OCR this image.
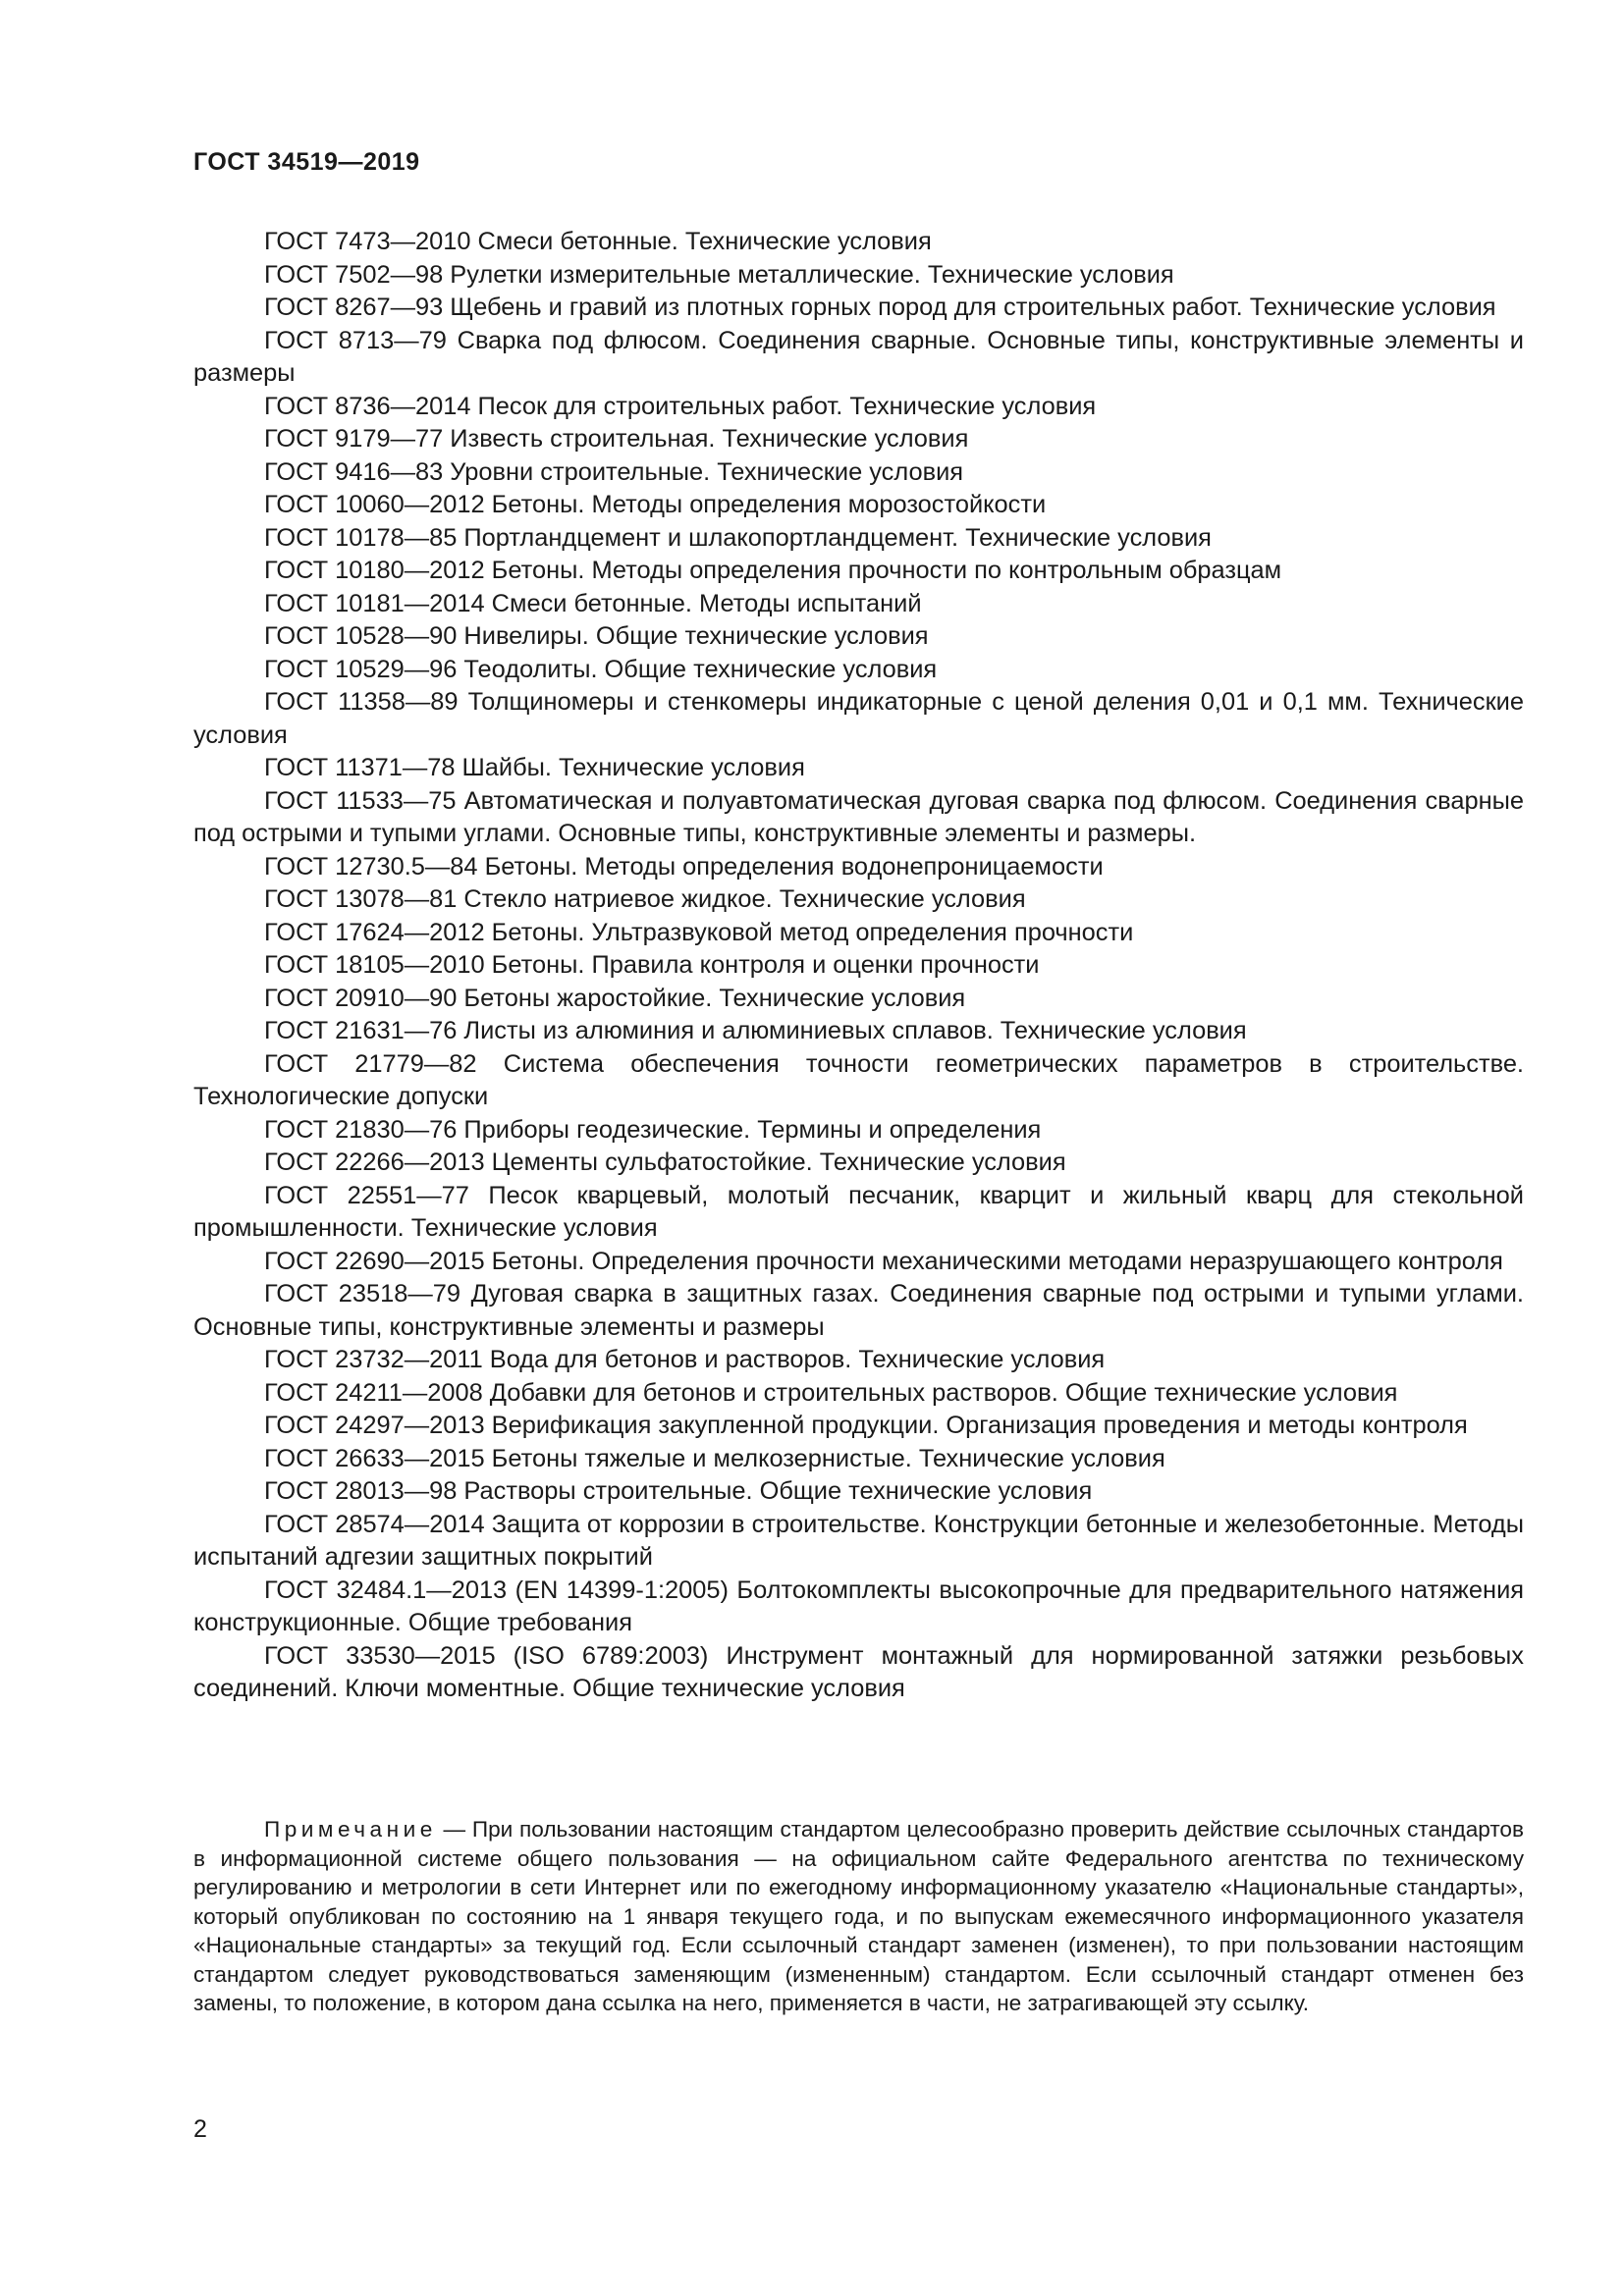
ГОСТ 34519—2019

ГОСТ 7473—2010 Смеси бетонные. Технические условия
ГОСТ 7502—98 Рулетки измерительные металлические. Технические условия
ГОСТ 8267—93 Щебень и гравий из плотных горных пород для строительных работ. Технические условия
ГОСТ 8713—79 Сварка под флюсом. Соединения сварные. Основные типы, конструктивные элементы и размеры
ГОСТ 8736—2014 Песок для строительных работ. Технические условия
ГОСТ 9179—77 Известь строительная. Технические условия
ГОСТ 9416—83 Уровни строительные. Технические условия
ГОСТ 10060—2012 Бетоны. Методы определения морозостойкости
ГОСТ 10178—85 Портландцемент и шлакопортландцемент. Технические условия
ГОСТ 10180—2012 Бетоны. Методы определения прочности по контрольным образцам
ГОСТ 10181—2014 Смеси бетонные. Методы испытаний
ГОСТ 10528—90 Нивелиры. Общие технические условия
ГОСТ 10529—96 Теодолиты. Общие технические условия
ГОСТ 11358—89 Толщиномеры и стенкомеры индикаторные с ценой деления 0,01 и 0,1 мм. Технические условия
ГОСТ 11371—78 Шайбы. Технические условия
ГОСТ 11533—75 Автоматическая и полуавтоматическая дуговая сварка под флюсом. Соединения сварные под острыми и тупыми углами. Основные типы, конструктивные элементы и размеры.
ГОСТ 12730.5—84 Бетоны. Методы определения водонепроницаемости
ГОСТ 13078—81 Стекло натриевое жидкое. Технические условия
ГОСТ 17624—2012 Бетоны. Ультразвуковой метод определения прочности
ГОСТ 18105—2010 Бетоны. Правила контроля и оценки прочности
ГОСТ 20910—90 Бетоны жаростойкие. Технические условия
ГОСТ 21631—76 Листы из алюминия и алюминиевых сплавов. Технические условия
ГОСТ 21779—82 Система обеспечения точности геометрических параметров в строительстве. Технологические допуски
ГОСТ 21830—76 Приборы геодезические. Термины и определения
ГОСТ 22266—2013 Цементы сульфатостойкие. Технические условия
ГОСТ 22551—77 Песок кварцевый, молотый песчаник, кварцит и жильный кварц для стекольной промышленности. Технические условия
ГОСТ 22690—2015 Бетоны. Определения прочности механическими методами неразрушающего контроля
ГОСТ 23518—79 Дуговая сварка в защитных газах. Соединения сварные под острыми и тупыми углами. Основные типы, конструктивные элементы и размеры
ГОСТ 23732—2011 Вода для бетонов и растворов. Технические условия
ГОСТ 24211—2008 Добавки для бетонов и строительных растворов. Общие технические условия
ГОСТ 24297—2013 Верификация закупленной продукции. Организация проведения и методы контроля
ГОСТ 26633—2015 Бетоны тяжелые и мелкозернистые. Технические условия
ГОСТ 28013—98 Растворы строительные. Общие технические условия
ГОСТ 28574—2014 Защита от коррозии в строительстве. Конструкции бетонные и железобетонные. Методы испытаний адгезии защитных покрытий
ГОСТ 32484.1—2013 (EN 14399-1:2005) Болтокомплекты высокопрочные для предварительного натяжения конструкционные. Общие требования
ГОСТ 33530—2015 (ISO 6789:2003) Инструмент монтажный для нормированной затяжки резьбовых соединений. Ключи моментные. Общие технические условия

Примечание — При пользовании настоящим стандартом целесообразно проверить действие ссылочных стандартов в информационной системе общего пользования — на официальном сайте Федерального агентства по техническому регулированию и метрологии в сети Интернет или по ежегодному информационному указателю «Национальные стандарты», который опубликован по состоянию на 1 января текущего года, и по выпускам ежемесячного информационного указателя «Национальные стандарты» за текущий год. Если ссылочный стандарт заменен (изменен), то при пользовании настоящим стандартом следует руководствоваться заменяющим (измененным) стандартом. Если ссылочный стандарт отменен без замены, то положение, в котором дана ссылка на него, применяется в части, не затрагивающей эту ссылку.

2
